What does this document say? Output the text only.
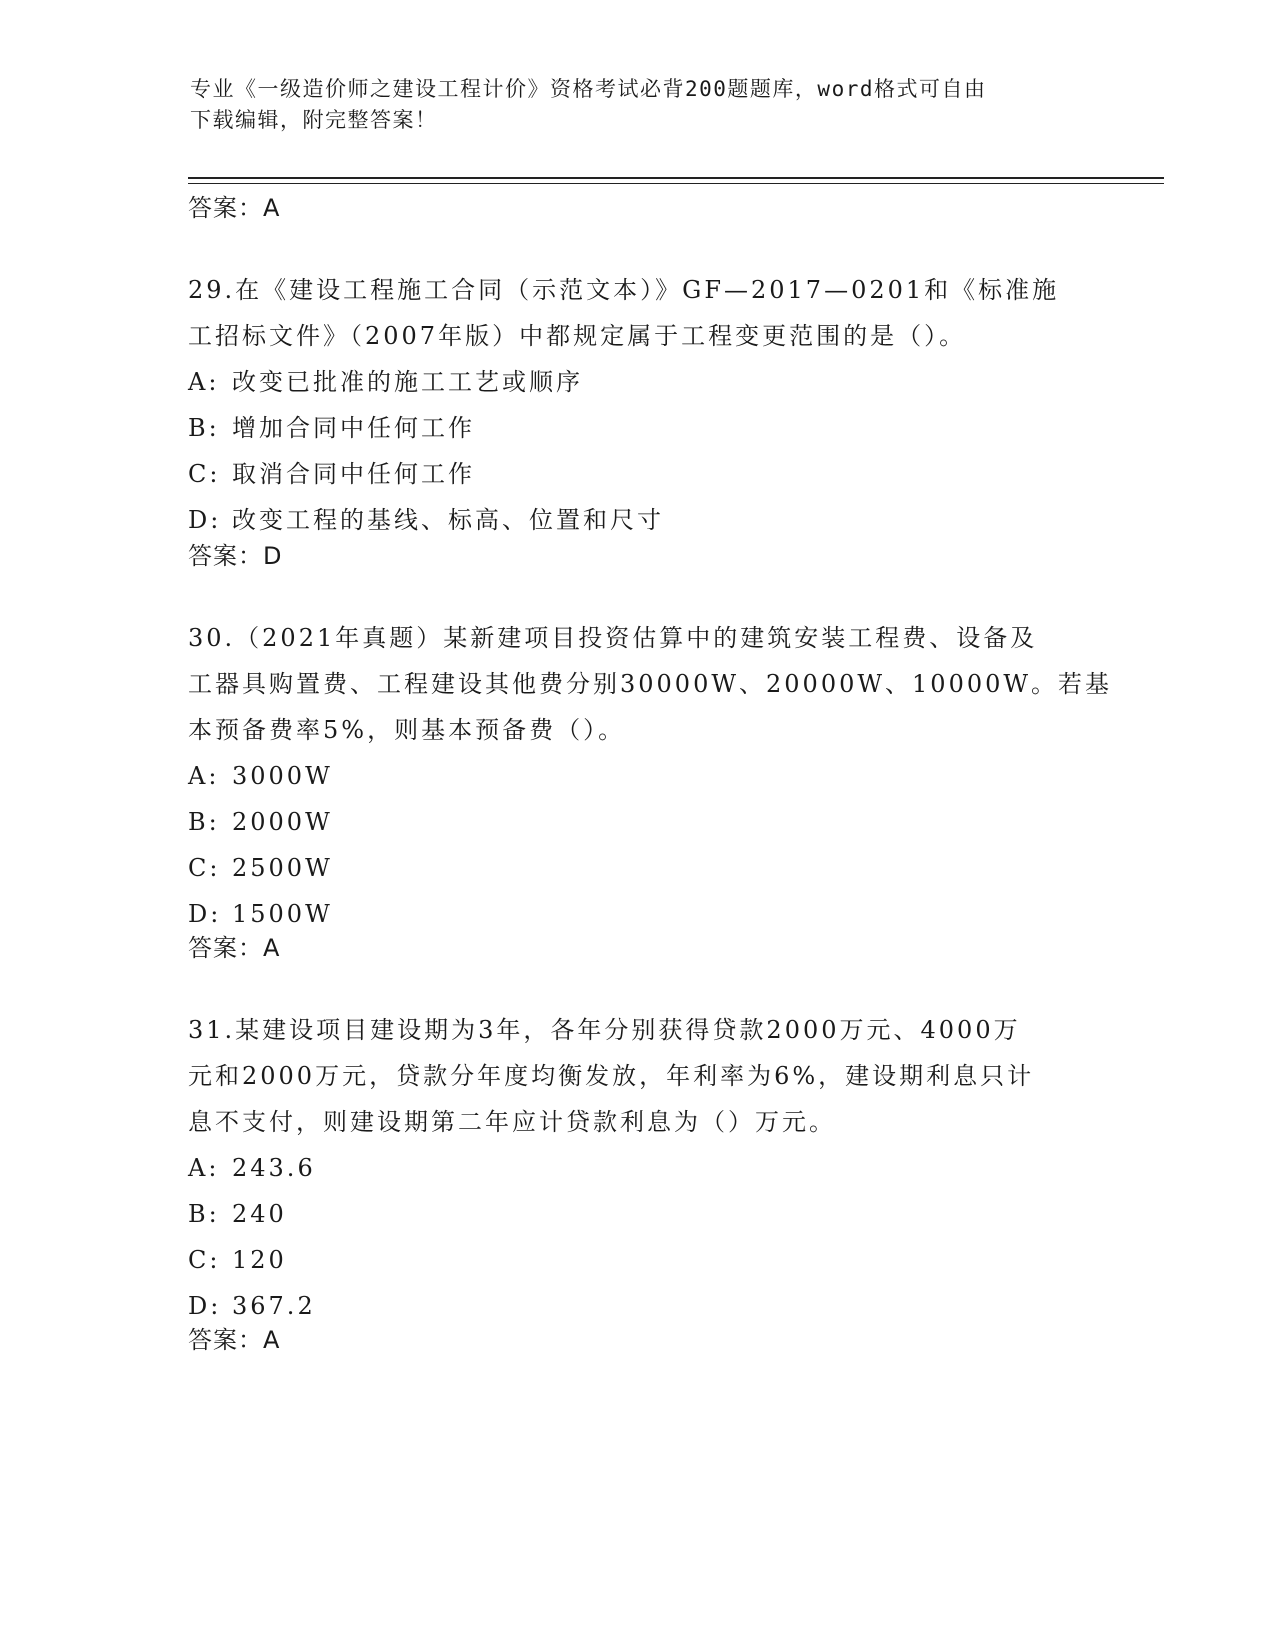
专业《一级造价师之建设工程计价》资格考试必背200题题库，word格式可自由
下载编辑，附完整答案！
答案：A
29.在《建设工程施工合同（示范文本）》GF—2017—0201和《标准施
工招标文件》（2007年版）中都规定属于工程变更范围的是（）。
A: 改变已批准的施工工艺或顺序
B: 增加合同中任何工作
C: 取消合同中任何工作
D: 改变工程的基线、标高、位置和尺寸
答案：D
30.（2021年真题）某新建项目投资估算中的建筑安装工程费、设备及
工器具购置费、工程建设其他费分别30000W、20000W、10000W。若基
本预备费率5%，则基本预备费（）。
A: 3000W
B: 2000W
C: 2500W
D: 1500W
答案：A
31.某建设项目建设期为3年，各年分别获得贷款2000万元、4000万
元和2000万元，贷款分年度均衡发放，年利率为6%，建设期利息只计
息不支付，则建设期第二年应计贷款利息为（）万元。
A: 243.6
B: 240
C: 120
D: 367.2
答案：A
